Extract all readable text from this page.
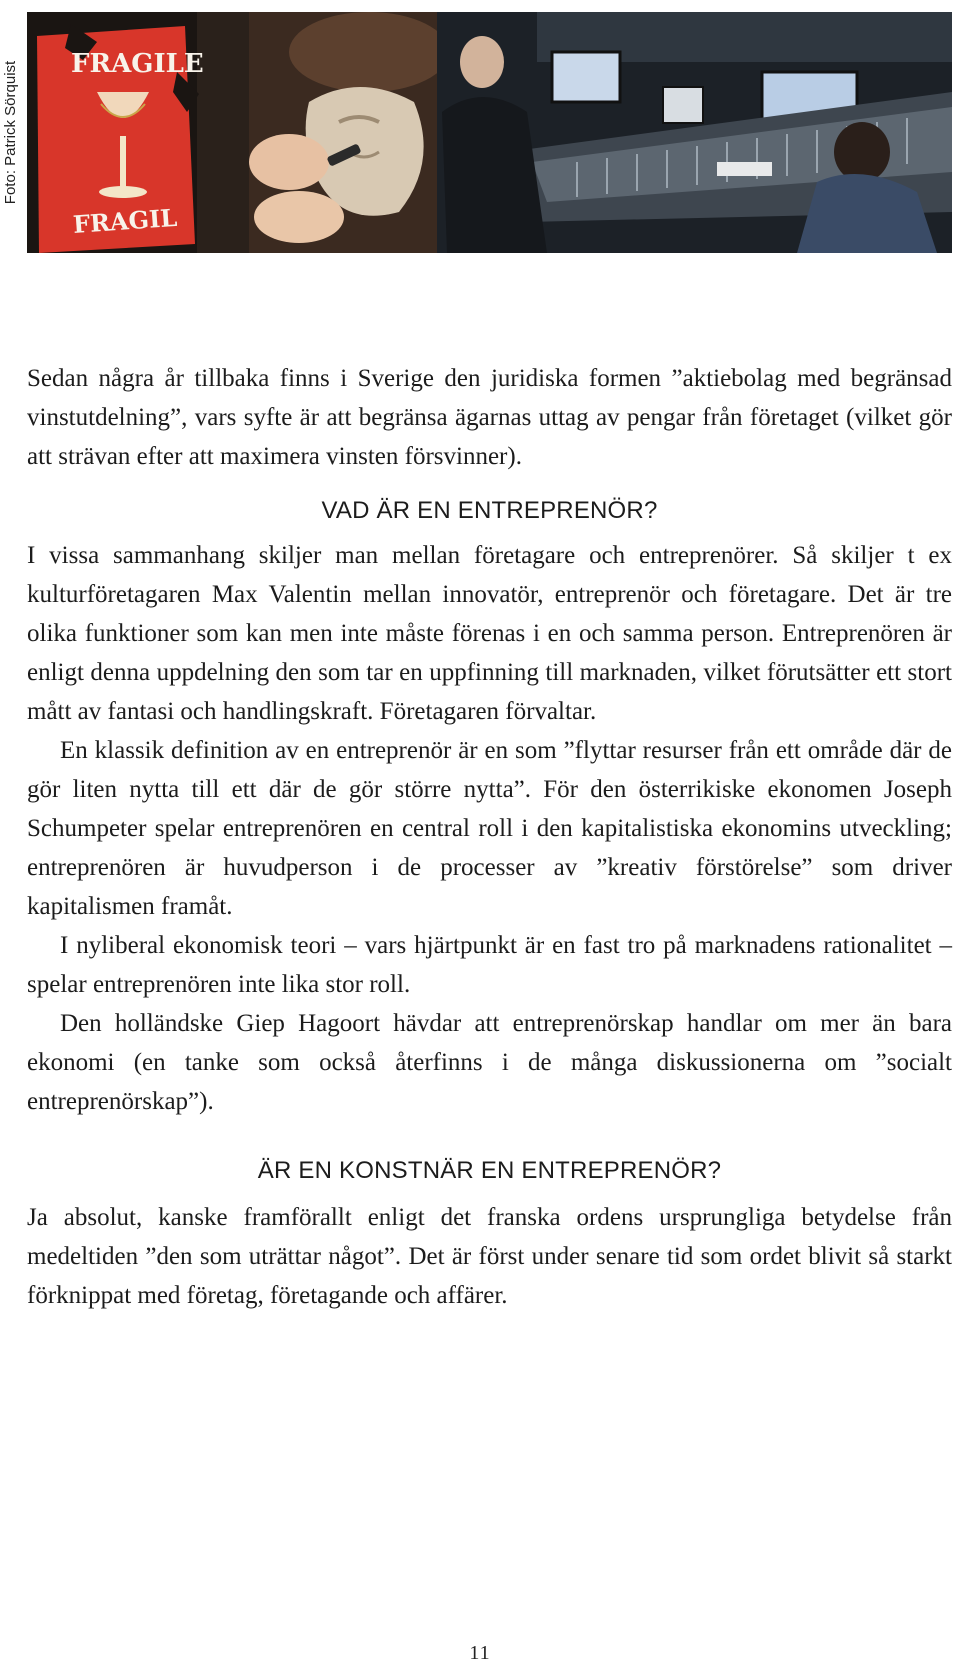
Foto: Patrick Sörquist FRAGILE
FRAGIL

Sedan några år tillbaka finns i Sverige den juridiska formen ”aktiebolag med begränsad vinstutdelning”, vars syfte är att begränsa ägarnas uttag av pengar från företaget (vilket gör att strävan efter att maximera vinsten försvinner).

VAD ÄR EN ENTREPRENÖR?

I vissa sammanhang skiljer man mellan företagare och entreprenörer. Så skiljer t ex kulturföretagaren Max Valentin mellan innovatör, entreprenör och företagare. Det är tre olika funktioner som kan men inte måste förenas i en och samma person. Entreprenören är enligt denna uppdelning den som tar en uppfinning till marknaden, vilket förutsätter ett stort mått av fantasi och handlingskraft. Företagaren förvaltar.

En klassik definition av en entreprenör är en som ”flyttar resurser från ett område där de gör liten nytta till ett där de gör större nytta”. För den österrikiske ekonomen Joseph Schumpeter spelar entreprenören en central roll i den kapitalistiska ekonomins utveckling; entreprenören är huvudperson i de processer av ”kreativ förstörelse” som driver kapitalismen framåt.

I nyliberal ekonomisk teori – vars hjärtpunkt är en fast tro på marknadens rationalitet – spelar entreprenören inte lika stor roll.

Den holländske Giep Hagoort hävdar att entreprenörskap handlar om mer än bara ekonomi (en tanke som också återfinns i de många diskussionerna om ”socialt entreprenörskap”).

ÄR EN KONSTNÄR EN ENTREPRENÖR?

Ja absolut, kanske framförallt enligt det franska ordens ursprungliga betydelse från medeltiden ”den som uträttar något”. Det är först under senare tid som ordet blivit så starkt förknippat med företag, företagande och affärer.

11
